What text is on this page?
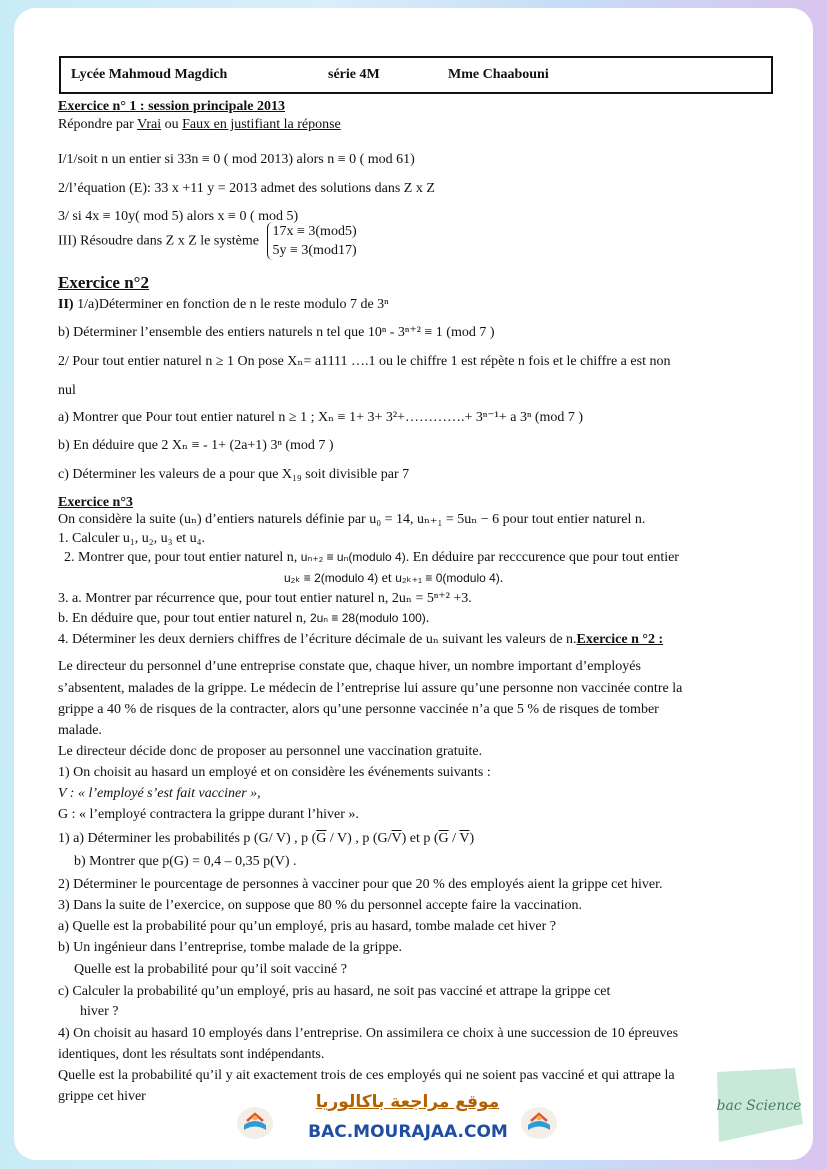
Lycée Mahmoud Magdich	série 4M	Mme Chaabouni
Exercice n° 1 : session principale 2013
Répondre par Vrai ou Faux en justifiant la réponse
I/1/soit n un entier si 33n ≡ 0 ( mod 2013) alors n ≡ 0 ( mod 61)
2/l’équation (E): 33 x +11 y = 2013 admet des solutions dans Z x Z
3/ si 4x ≡ 10y( mod 5) alors x ≡ 0 ( mod 5)
III) Résoudre dans Z x Z le système
17x ≡ 3(mod5)
5y ≡ 3(mod17)
Exercice n°2
II) 1/a)Déterminer en fonction de n le reste modulo 7 de 3ⁿ
b) Déterminer l’ensemble des entiers naturels n tel que 10ⁿ - 3ⁿ⁺² ≡ 1 (mod 7 )
2/ Pour tout entier naturel n ≥ 1 On pose Xₙ= a1111 ….1 ou le chiffre 1 est répète n fois et le chiffre a est non
nul
a) Montrer que Pour tout entier naturel n ≥ 1 ; Xₙ ≡ 1+ 3+ 3²+………….+ 3ⁿ⁻¹+ a 3ⁿ (mod 7 )
b) En déduire que 2 Xₙ ≡ - 1+ (2a+1) 3ⁿ (mod 7 )
c) Déterminer les valeurs de a pour que X₁₉ soit divisible par 7
Exercice n°3
On considère la suite (uₙ) d’entiers naturels définie par u₀ = 14, uₙ₊₁ = 5uₙ − 6 pour tout entier naturel n.
1. Calculer u₁, u₂, u₃ et u₄.
2. Montrer que, pour tout entier naturel n, uₙ₊₂ ≡ uₙ(modulo 4). En déduire par recccurence que pour tout entier
u₂ₖ ≡ 2(modulo 4) et u₂ₖ₊₁ ≡ 0(modulo 4).
3. a. Montrer par récurrence que, pour tout entier naturel n, 2uₙ = 5ⁿ⁺² +3.
b. En déduire que, pour tout entier naturel n, 2uₙ ≡ 28(modulo 100).
4. Déterminer les deux derniers chiffres de l’écriture décimale de uₙ suivant les valeurs de n.Exercice n °2 :
Le directeur du personnel d’une entreprise constate que, chaque hiver, un nombre important d’employés
s’absentent, malades de la grippe. Le médecin de l’entreprise lui assure qu’une personne non vaccinée contre la
grippe a 40 % de risques de la contracter, alors qu’une personne vaccinée n’a que 5 % de risques de tomber
malade.
Le directeur décide donc de proposer au personnel une vaccination gratuite.
1) On choisit au hasard un employé et on considère les événements suivants :
V : « l’employé s’est fait vacciner »,
G : « l’employé contractera la grippe durant l’hiver ».
1) a) Déterminer les probabilités p (G/ V) , p $(\overline{G} / V)$ , p $(G/\overline{V})$ et p $(\overline{G} / \overline{V})$
b) Montrer que p(G) = 0,4 – 0,35 p(V) .
2) Déterminer le pourcentage de personnes à vacciner pour que 20 % des employés aient la grippe cet hiver.
3) Dans la suite de l’exercice, on suppose que 80 % du personnel accepte faire la vaccination.
a) Quelle est la probabilité pour qu’un employé, pris au hasard, tombe malade cet hiver ?
b) Un ingénieur dans l’entreprise, tombe malade de la grippe.
Quelle est la probabilité pour qu’il soit vacciné ?
c) Calculer la probabilité qu’un employé, pris au hasard, ne soit pas vacciné et attrape la grippe cet
hiver ?
4) On choisit au hasard 10 employés dans l’entreprise. On assimilera ce choix à une succession de 10 épreuves
identiques, dont les résultats sont indépendants.
Quelle est la probabilité qu’il y ait exactement trois de ces employés qui ne soient pas vacciné et qui attrape la
grippe cet hiver	موقع مراجعة باكالوريا
BAC.MOURAJAA.COM
bac Science
